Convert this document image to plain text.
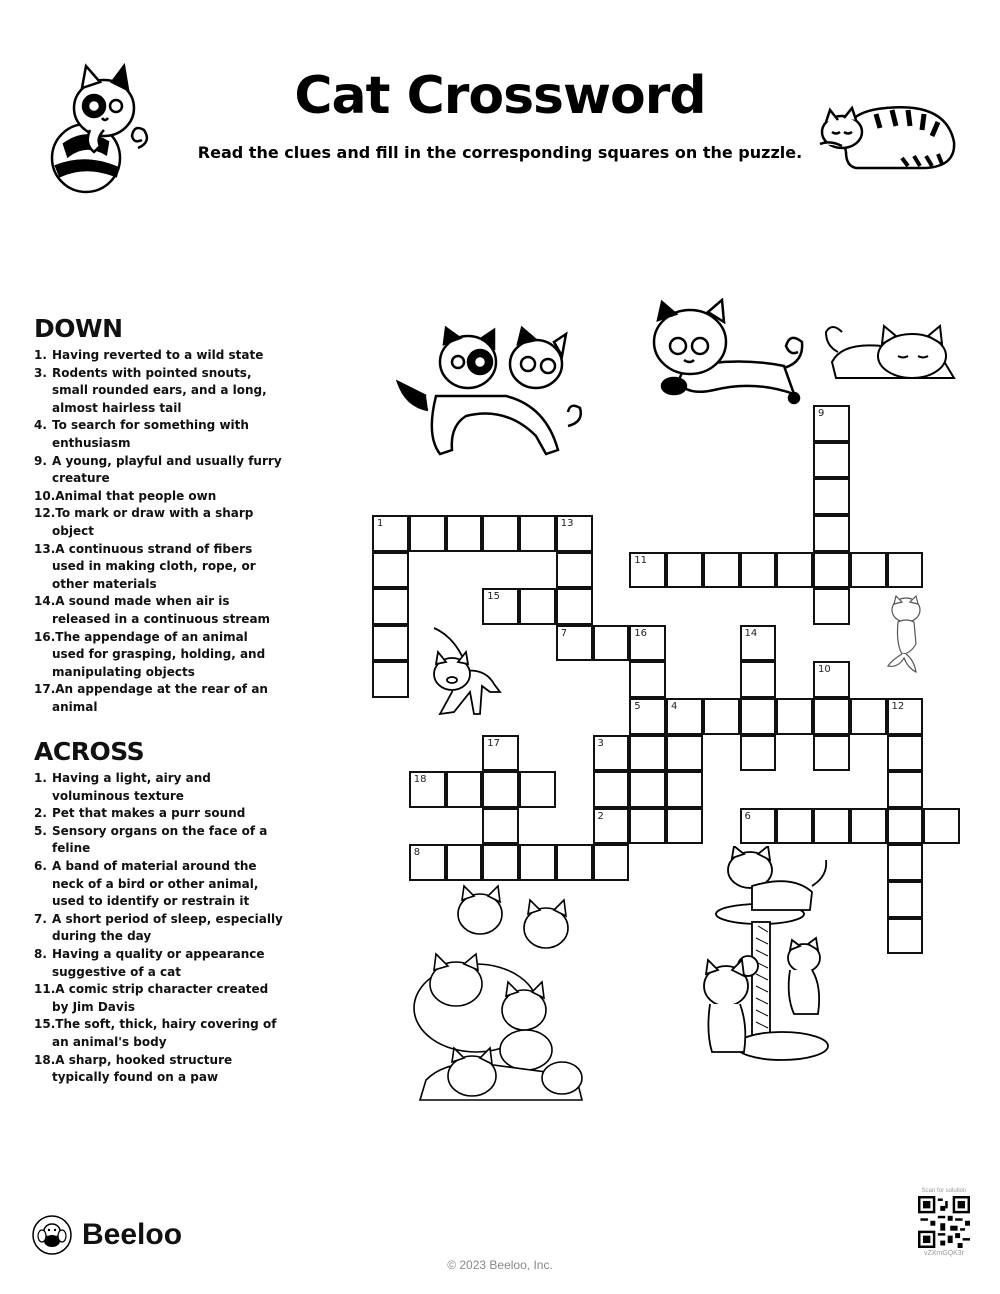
Cat Crossword
Read the clues and fill in the corresponding squares on the puzzle.
DOWN

1. Having reverted to a wild state

3. Rodents with pointed snouts, small rounded ears, and a long, almost hairless tail

4. To search for something with enthusiasm

9. A young, playful and usually furry creature

10.Animal that people own

12.To mark or draw with a sharp object

13.A continuous strand of fibers used in making cloth, rope, or other materials

14.A sound made when air is released in a continuous stream

16.The appendage of an animal used for grasping, holding, and manipulating objects

17.An appendage at the rear of an animal

ACROSS

1. Having a light, airy and voluminous texture

2. Pet that makes a purr sound

5. Sensory organs on the face of a feline

6. A band of material around the neck of a bird or other animal, used to identify or restrain it

7. A short period of sleep, especially during the day

8. Having a quality or appearance suggestive of a cat

11.A comic strip character created by Jim Davis

15.The soft, thick, hairy covering of an animal's body

18.A sharp, hooked structure typically found on a paw

9
1	13
7
15
11
16
5
14
10
4	12
3
2
17
18
6
8
Beeloo
© 2023 Beeloo, Inc.
Scan for solution
vZXmGQK3r
